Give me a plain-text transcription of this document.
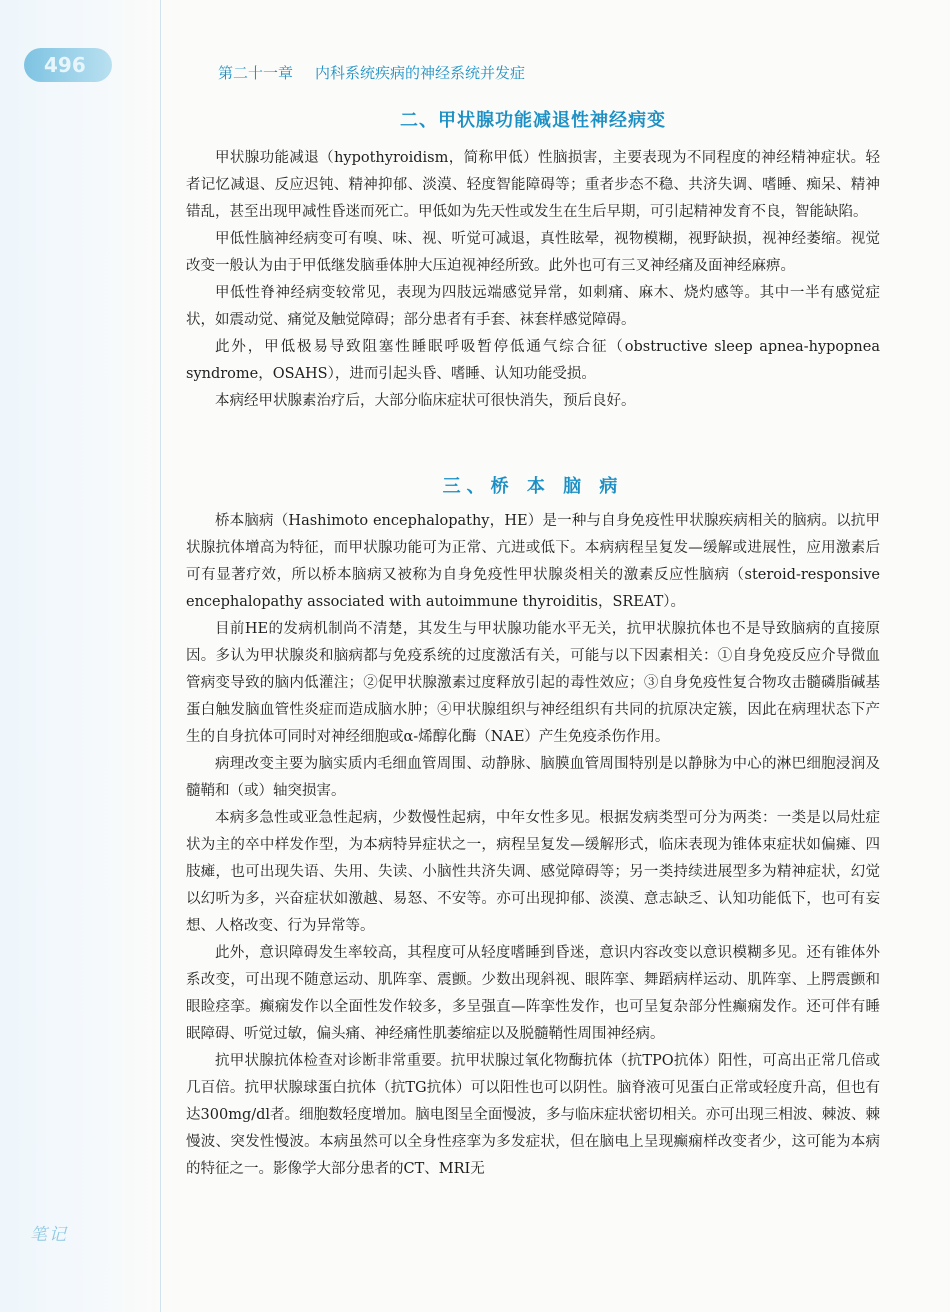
496	第二十一章 内科系统疾病的神经系统并发症
二、甲状腺功能减退性神经病变

甲状腺功能减退（hypothyroidism，简称甲低）性脑损害，主要表现为不同程度的神经精神症状。轻者记忆减退、反应迟钝、精神抑郁、淡漠、轻度智能障碍等；重者步态不稳、共济失调、嗜睡、痴呆、精神错乱，甚至出现甲减性昏迷而死亡。甲低如为先天性或发生在生后早期，可引起精神发育不良，智能缺陷。

甲低性脑神经病变可有嗅、味、视、听觉可减退，真性眩晕，视物模糊，视野缺损，视神经萎缩。视觉改变一般认为由于甲低继发脑垂体肿大压迫视神经所致。此外也可有三叉神经痛及面神经麻痹。

甲低性脊神经病变较常见，表现为四肢远端感觉异常，如刺痛、麻木、烧灼感等。其中一半有感觉症状，如震动觉、痛觉及触觉障碍；部分患者有手套、袜套样感觉障碍。

此外，甲低极易导致阻塞性睡眠呼吸暂停低通气综合征（obstructive sleep apnea-hypopnea syndrome，OSAHS），进而引起头昏、嗜睡、认知功能受损。

本病经甲状腺素治疗后，大部分临床症状可很快消失，预后良好。

三、桥 本 脑 病

桥本脑病（Hashimoto encephalopathy，HE）是一种与自身免疫性甲状腺疾病相关的脑病。以抗甲状腺抗体增高为特征，而甲状腺功能可为正常、亢进或低下。本病病程呈复发—缓解或进展性，应用激素后可有显著疗效，所以桥本脑病又被称为自身免疫性甲状腺炎相关的激素反应性脑病（steroid-responsive encephalopathy associated with autoimmune thyroiditis，SREAT）。

目前HE的发病机制尚不清楚，其发生与甲状腺功能水平无关，抗甲状腺抗体也不是导致脑病的直接原因。多认为甲状腺炎和脑病都与免疫系统的过度激活有关，可能与以下因素相关：①自身免疫反应介导微血管病变导致的脑内低灌注；②促甲状腺激素过度释放引起的毒性效应；③自身免疫性复合物攻击髓磷脂碱基蛋白触发脑血管性炎症而造成脑水肿；④甲状腺组织与神经组织有共同的抗原决定簇，因此在病理状态下产生的自身抗体可同时对神经细胞或α-烯醇化酶（NAE）产生免疫杀伤作用。

病理改变主要为脑实质内毛细血管周围、动静脉、脑膜血管周围特别是以静脉为中心的淋巴细胞浸润及髓鞘和（或）轴突损害。

本病多急性或亚急性起病，少数慢性起病，中年女性多见。根据发病类型可分为两类：一类是以局灶症状为主的卒中样发作型，为本病特异症状之一，病程呈复发—缓解形式，临床表现为锥体束症状如偏瘫、四肢瘫，也可出现失语、失用、失读、小脑性共济失调、感觉障碍等；另一类持续进展型多为精神症状，幻觉以幻听为多，兴奋症状如激越、易怒、不安等。亦可出现抑郁、淡漠、意志缺乏、认知功能低下，也可有妄想、人格改变、行为异常等。

此外，意识障碍发生率较高，其程度可从轻度嗜睡到昏迷，意识内容改变以意识模糊多见。还有锥体外系改变，可出现不随意运动、肌阵挛、震颤。少数出现斜视、眼阵挛、舞蹈病样运动、肌阵挛、上腭震颤和眼睑痉挛。癫痫发作以全面性发作较多，多呈强直—阵挛性发作，也可呈复杂部分性癫痫发作。还可伴有睡眠障碍、听觉过敏，偏头痛、神经痛性肌萎缩症以及脱髓鞘性周围神经病。

抗甲状腺抗体检查对诊断非常重要。抗甲状腺过氧化物酶抗体（抗TPO抗体）阳性，可高出正常几倍或几百倍。抗甲状腺球蛋白抗体（抗TG抗体）可以阳性也可以阴性。脑脊液可见蛋白正常或轻度升高，但也有达300mg/dl者。细胞数轻度增加。脑电图呈全面慢波，多与临床症状密切相关。亦可出现三相波、棘波、棘慢波、突发性慢波。本病虽然可以全身性痉挛为多发症状，但在脑电上呈现癫痫样改变者少，这可能为本病的特征之一。影像学大部分患者的CT、MRI无

笔记
